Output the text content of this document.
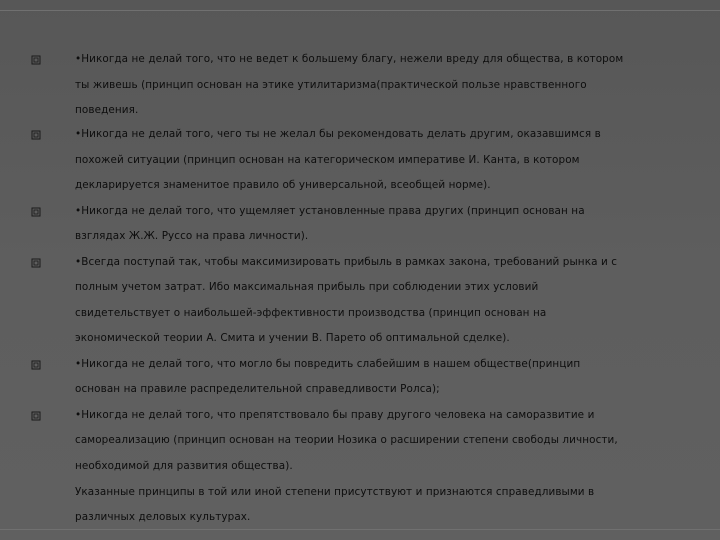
•Никогда не делай того, что не ведет к большему благу, нежели вреду для общества, в котором
ты живешь (принцип основан на этике утилитаризма(практической пользе нравственного
поведения.
•Никогда не делай того, чего ты не желал бы рекомендовать делать другим, оказавшимся в
похожей ситуации (принцип основан на категорическом императиве И. Канта, в котором
декларируется знаменитое правило об универсальной, всеобщей норме).
•Никогда не делай того, что ущемляет установленные права других (принцип основан на
взглядах Ж.Ж. Руссо на права личности).
•Всегда поступай так, чтобы максимизировать прибыль в рамках закона, требований рынка и с
полным учетом затрат. Ибо максимальная прибыль при соблюдении этих условий
свидетельствует о наибольшей-эффективности производства (принцип основан на
экономической теории А. Смита и учении В. Парето об оптимальной сделке).
•Никогда не делай того, что могло бы повредить слабейшим в нашем обществе(принцип
основан на правиле распределительной справедливости Ролса);
•Никогда не делай того, что препятствовало бы праву другого человека на саморазвитие и
самореализацию (принцип основан на теории Нозика о расширении степени свободы личности,
необходимой для развития общества).
Указанные принципы в той или иной степени присутствуют и признаются справедливыми в
различных деловых культурах.
